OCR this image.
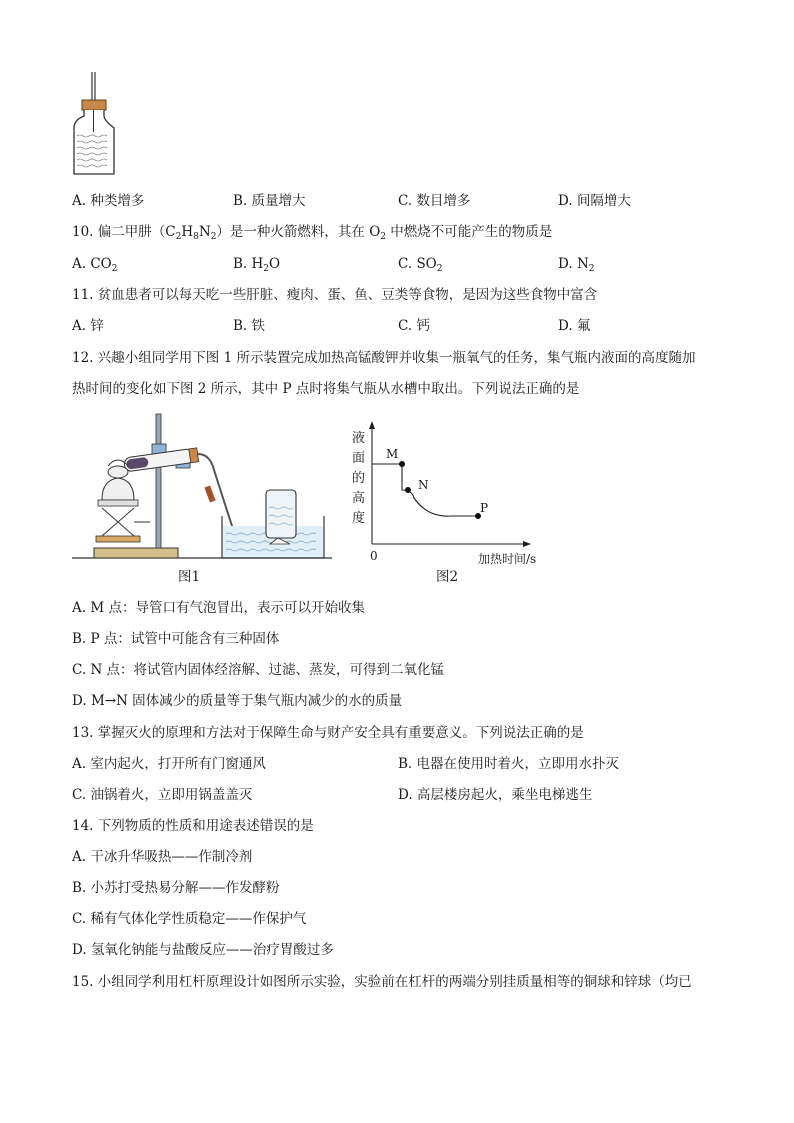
A. 种类增多	B. 质量增大	C. 数目增多	D. 间隔增大
10. 偏二甲肼$(C_2H_8N_2)$是一种火箭燃料，其在 $O_2$ 中燃烧不可能产生的物质是
A. $CO_2$	B. $H_2O$	C. $SO_2$	D. $N_2$
11. 贫血患者可以每天吃一些肝脏、瘦肉、蛋、鱼、豆类等食物，是因为这些食物中富含
A. 锌	B. 铁	C. 钙	D. 氟
12. 兴趣小组同学用下图 1 所示装置完成加热高锰酸钾并收集一瓶氧气的任务，集气瓶内液面的高度随加
热时间的变化如下图 2 所示，其中 P 点时将集气瓶从水槽中取出。下列说法正确的是
液
面
的
高
度
0	加热时间/s
M
N
P
图1	图2
A. M 点：导管口有气泡冒出，表示可以开始收集
B. P 点：试管中可能含有三种固体
C. N 点：将试管内固体经溶解、过滤、蒸发，可得到二氧化锰
D. M→N 固体减少的质量等于集气瓶内减少的水的质量
13. 掌握灭火的原理和方法对于保障生命与财产安全具有重要意义。下列说法正确的是
A. 室内起火，打开所有门窗通风	B. 电器在使用时着火，立即用水扑灭
C. 油锅着火，立即用锅盖盖灭	D. 高层楼房起火，乘坐电梯逃生
14. 下列物质的性质和用途表述错误的是
A. 干冰升华吸热——作制冷剂
B. 小苏打受热易分解——作发酵粉
C. 稀有气体化学性质稳定——作保护气
D. 氢氧化钠能与盐酸反应——治疗胃酸过多
15. 小组同学利用杠杆原理设计如图所示实验，实验前在杠杆的两端分别挂质量相等的铜球和锌球（均已
